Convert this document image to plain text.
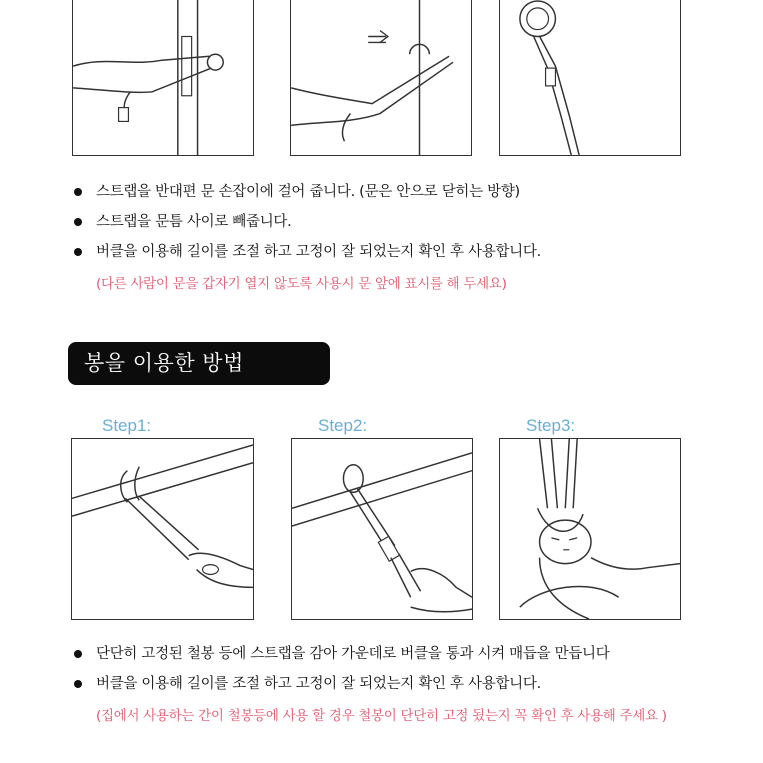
스트랩을 반대편 문 손잡이에 걸어 줍니다. (문은 안으로 닫히는 방향)
스트랩을 문틈 사이로 빼줍니다.
버클을 이용해 길이를 조절 하고 고정이 잘 되었는지 확인 후 사용합니다.
(다른 사람이 문을 갑자기 열지 않도록 사용시 문 앞에 표시를 해 두세요)
봉을 이용한 방법
Step1:	Step2:	Step3:
단단히 고정된 철봉 등에 스트랩을 감아 가운데로 버클을 통과 시켜 매듭을 만듭니다
버클을 이용해 길이를 조절 하고 고정이 잘 되었는지 확인 후 사용합니다.
(집에서 사용하는 간이 철봉등에 사용 할 경우 철봉이 단단히 고정 됬는지 꼭 확인 후 사용해 주세요 )
